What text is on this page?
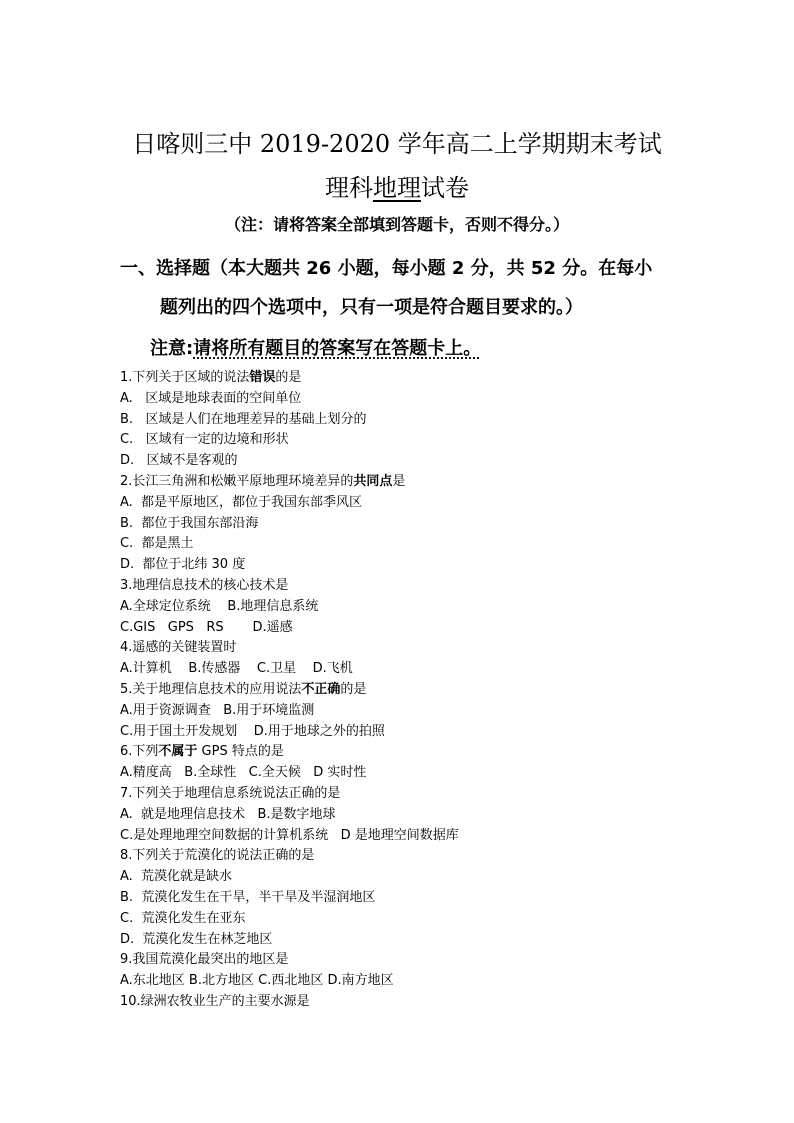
日喀则三中 2019-2020 学年高二上学期期末考试
理科地理试卷
（注：请将答案全部填到答题卡，否则不得分。）
一、选择题（本大题共 26 小题，每小题 2 分，共 52 分。在每小
题列出的四个选项中，只有一项是符合题目要求的。）
注意:请将所有题目的答案写在答题卡上。
1.下列关于区域的说法错误的是
A.   区域是地球表面的空间单位
B.   区域是人们在地理差异的基础上划分的
C.   区域有一定的边境和形状
D.   区域不是客观的
2.长江三角洲和松嫩平原地理环境差异的共同点是
A.  都是平原地区，都位于我国东部季风区
B.  都位于我国东部沿海
C.  都是黑土
D.  都位于北纬 30 度
3.地理信息技术的核心技术是
A.全球定位系统    B.地理信息系统
C.GIS   GPS   RS       D.遥感
4.遥感的关键装置时
A.计算机    B.传感器    C.卫星    D.飞机
5.关于地理信息技术的应用说法不正确的是
A.用于资源调查   B.用于环境监测
C.用于国土开发规划    D.用于地球之外的拍照
6.下列不属于 GPS 特点的是
A.精度高   B.全球性   C.全天候   D 实时性
7.下列关于地理信息系统说法正确的是
A.  就是地理信息技术   B.是数字地球
C.是处理地理空间数据的计算机系统   D 是地理空间数据库
8.下列关于荒漠化的说法正确的是
A.  荒漠化就是缺水
B.  荒漠化发生在干旱，半干旱及半湿润地区
C.  荒漠化发生在亚东
D.  荒漠化发生在林芝地区
9.我国荒漠化最突出的地区是
A.东北地区 B.北方地区 C.西北地区 D.南方地区
10.绿洲农牧业生产的主要水源是
